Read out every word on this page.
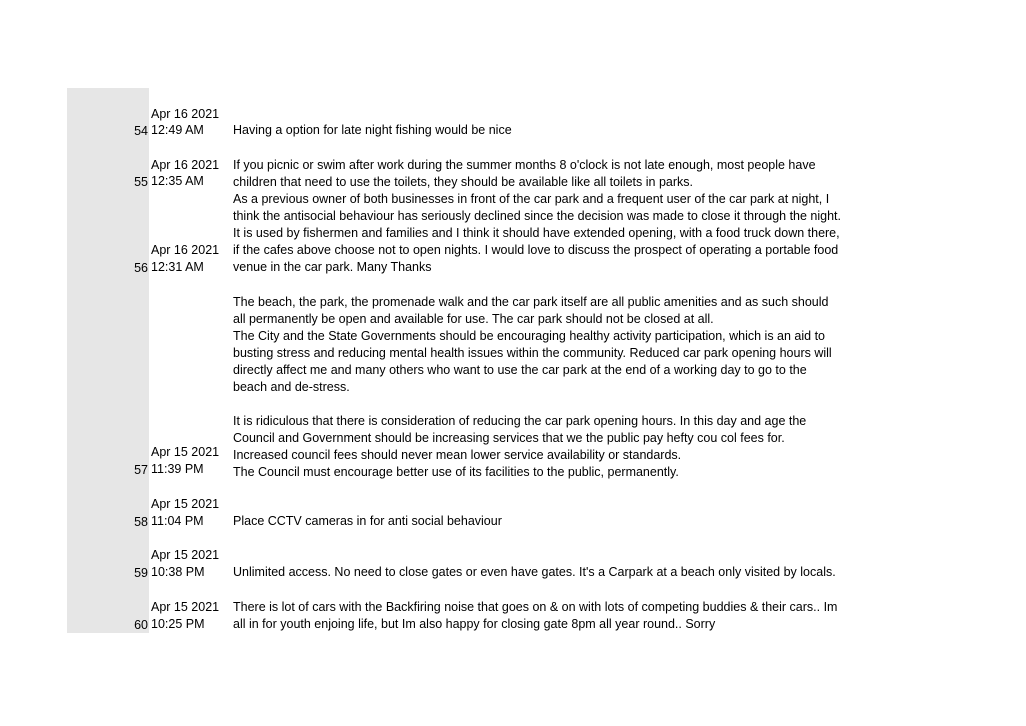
Apr 16 2021
54 12:49 AM Having a option for late night fishing would be nice

Apr 16 2021
55 12:35 AM

If you picnic or swim after work during the summer months 8 o'clock is not late enough, most people have

children that need to use the toilets, they should be available like all toilets in parks.

Apr 16 2021
56 12:31 AM

As a previous owner of both businesses in front of the car park and a frequent user of the car park at night, I

think the antisocial behaviour has seriously declined since the decision was made to close it through the night.

It is used by fishermen and families and I think it should have extended opening, with a food truck down there,

if the cafes above choose not to open nights. I would love to discuss the prospect of operating a portable food

venue in the car park. Many Thanks

Apr 15 2021
57 11:39 PM

The beach, the park, the promenade walk and the car park itself are all public amenities and as such should

all permanently be open and available for use. The car park should not be closed at all.

The City and the State Governments should be encouraging healthy activity participation, which is an aid to

busting stress and reducing mental health issues within the community. Reduced car park opening hours will

directly affect me and many others who want to use the car park at the end of a working day to go to the

beach and de-stress.

It is ridiculous that there is consideration of reducing the car park opening hours. In this day and age the

Council and Government should be increasing services that we the public pay hefty cou col fees for.

Increased council fees should never mean lower service availability or standards.

The Council must encourage better use of its facilities to the public, permanently.

Apr 15 2021
58 11:04 PM Place CCTV cameras in for anti social behaviour

Apr 15 2021
59 10:38 PM Unlimited access. No need to close gates or even have gates. It's a Carpark at a beach only visited by locals.

Apr 15 2021
60 10:25 PM

There is lot of cars with the Backfiring noise that goes on & on with lots of competing buddies & their cars.. Im

all in for youth enjoing life, but Im also happy for closing gate 8pm all year round.. Sorry
